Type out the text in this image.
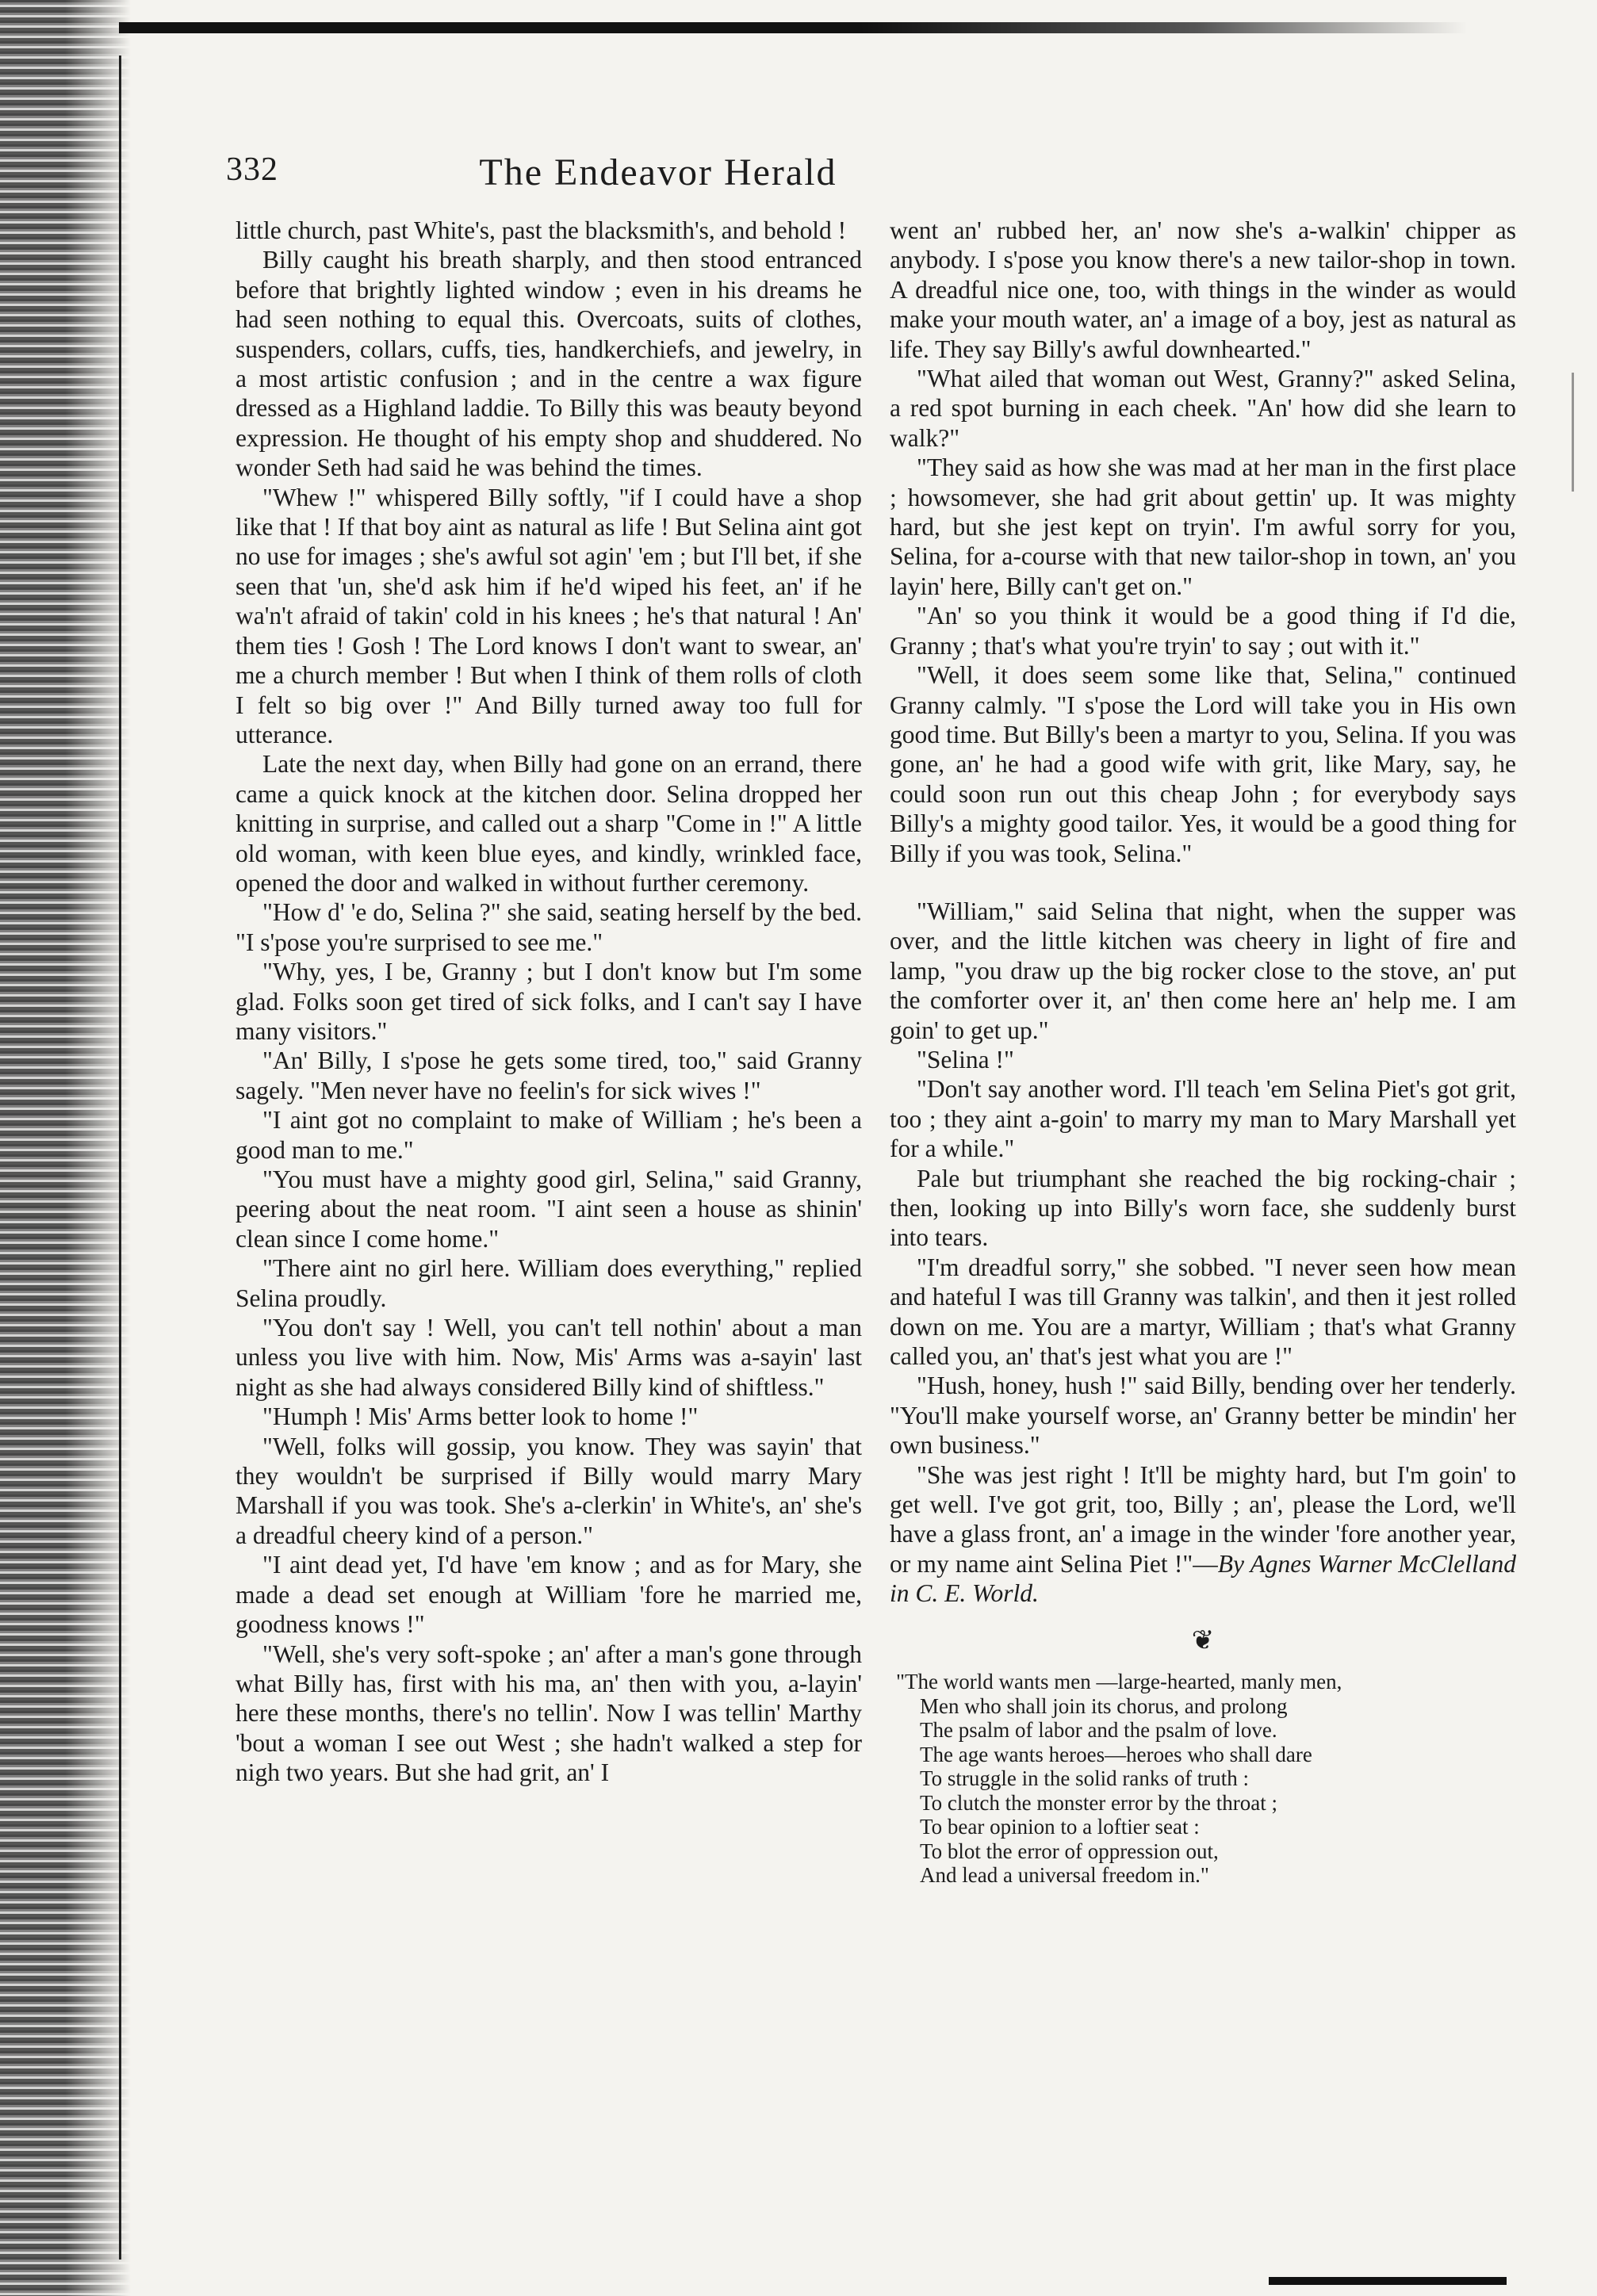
332	The Endeavor Herald

little church, past White's, past the blacksmith's, and behold !

Billy caught his breath sharply, and then stood entranced before that brightly lighted window ; even in his dreams he had seen nothing to equal this. Overcoats, suits of clothes, suspenders, collars, cuffs, ties, handkerchiefs, and jewelry, in a most artistic confusion ; and in the centre a wax figure dressed as a Highland laddie. To Billy this was beauty beyond expression. He thought of his empty shop and shuddered. No wonder Seth had said he was behind the times.

"Whew !" whispered Billy softly, "if I could have a shop like that ! If that boy aint as natural as life ! But Selina aint got no use for images ; she's awful sot agin' 'em ; but I'll bet, if she seen that 'un, she'd ask him if he'd wiped his feet, an' if he wa'n't afraid of takin' cold in his knees ; he's that natural ! An' them ties ! Gosh ! The Lord knows I don't want to swear, an' me a church member ! But when I think of them rolls of cloth I felt so big over !" And Billy turned away too full for utterance.

Late the next day, when Billy had gone on an errand, there came a quick knock at the kitchen door. Selina dropped her knitting in surprise, and called out a sharp "Come in !" A little old woman, with keen blue eyes, and kindly, wrinkled face, opened the door and walked in without further ceremony.

"How d' 'e do, Selina ?" she said, seating herself by the bed. "I s'pose you're surprised to see me."

"Why, yes, I be, Granny ; but I don't know but I'm some glad. Folks soon get tired of sick folks, and I can't say I have many visitors."

"An' Billy, I s'pose he gets some tired, too," said Granny sagely. "Men never have no feelin's for sick wives !"

"I aint got no complaint to make of William ; he's been a good man to me."

"You must have a mighty good girl, Selina," said Granny, peering about the neat room. "I aint seen a house as shinin' clean since I come home."

"There aint no girl here. William does everything," replied Selina proudly.

"You don't say ! Well, you can't tell nothin' about a man unless you live with him. Now, Mis' Arms was a-sayin' last night as she had always considered Billy kind of shiftless."

"Humph ! Mis' Arms better look to home !"

"Well, folks will gossip, you know. They was sayin' that they wouldn't be surprised if Billy would marry Mary Marshall if you was took. She's a-clerkin' in White's, an' she's a dreadful cheery kind of a person."

"I aint dead yet, I'd have 'em know ; and as for Mary, she made a dead set enough at William 'fore he married me, goodness knows !"

"Well, she's very soft-spoke ; an' after a man's gone through what Billy has, first with his ma, an' then with you, a-layin' here these months, there's no tellin'. Now I was tellin' Marthy 'bout a woman I see out West ; she hadn't walked a step for nigh two years. But she had grit, an' I

went an' rubbed her, an' now she's a-walkin' chipper as anybody. I s'pose you know there's a new tailor-shop in town. A dreadful nice one, too, with things in the winder as would make your mouth water, an' a image of a boy, jest as natural as life. They say Billy's awful downhearted."

"What ailed that woman out West, Granny?" asked Selina, a red spot burning in each cheek. "An' how did she learn to walk?"

"They said as how she was mad at her man in the first place ; howsomever, she had grit about gettin' up. It was mighty hard, but she jest kept on tryin'. I'm awful sorry for you, Selina, for a-course with that new tailor-shop in town, an' you layin' here, Billy can't get on."

"An' so you think it would be a good thing if I'd die, Granny ; that's what you're tryin' to say ; out with it."

"Well, it does seem some like that, Selina," continued Granny calmly. "I s'pose the Lord will take you in His own good time. But Billy's been a martyr to you, Selina. If you was gone, an' he had a good wife with grit, like Mary, say, he could soon run out this cheap John ; for everybody says Billy's a mighty good tailor. Yes, it would be a good thing for Billy if you was took, Selina."

"William," said Selina that night, when the supper was over, and the little kitchen was cheery in light of fire and lamp, "you draw up the big rocker close to the stove, an' put the comforter over it, an' then come here an' help me. I am goin' to get up."

"Selina !"

"Don't say another word. I'll teach 'em Selina Piet's got grit, too ; they aint a-goin' to marry my man to Mary Marshall yet for a while."

Pale but triumphant she reached the big rocking-chair ; then, looking up into Billy's worn face, she suddenly burst into tears.

"I'm dreadful sorry," she sobbed. "I never seen how mean and hateful I was till Granny was talkin', and then it jest rolled down on me. You are a martyr, William ; that's what Granny called you, an' that's jest what you are !"

"Hush, honey, hush !" said Billy, bending over her tenderly. "You'll make yourself worse, an' Granny better be mindin' her own business."

"She was jest right ! It'll be mighty hard, but I'm goin' to get well. I've got grit, too, Billy ; an', please the Lord, we'll have a glass front, an' a image in the winder 'fore another year, or my name aint Selina Piet !"—By Agnes Warner McClelland in C. E. World.

❦
"The world wants men —large-hearted, manly men,
Men who shall join its chorus, and prolong
The psalm of labor and the psalm of love.
The age wants heroes—heroes who shall dare
To struggle in the solid ranks of truth :
To clutch the monster error by the throat ;
To bear opinion to a loftier seat :
To blot the error of oppression out,
And lead a universal freedom in."
